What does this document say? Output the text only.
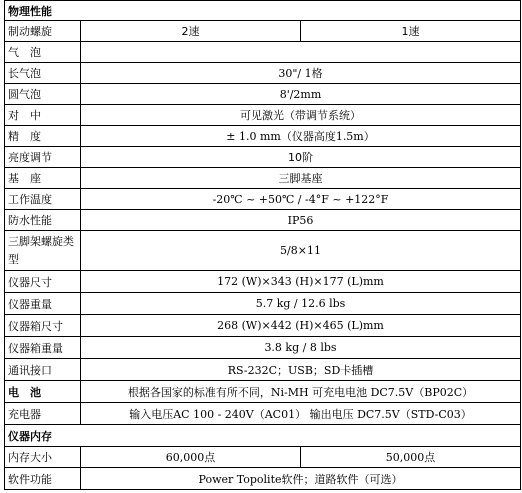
物理性能		
制动螺旋	2速	1速
气　泡		
长气泡	30"/ 1格	
圆气泡	8'/2mm	
对　中	可见激光（带调节系统）	
精　度	± 1.0 mm（仪器高度1.5m）	
亮度调节	10阶	
基　座	三脚基座	
工作温度	-20℃ ~ +50℃ / -4°F ~ +122°F	
防水性能	IP56	
三脚架螺旋类型	5/8×11	
仪器尺寸	172 (W)×343 (H)×177 (L)mm	
仪器重量	5.7 kg / 12.6 lbs	
仪器箱尺寸	268 (W)×442 (H)×465 (L)mm	
仪器箱重量	3.8 kg / 8 lbs	
通讯接口	RS-232C；USB；SD卡插槽	
电　池	根据各国家的标准有所不同，Ni-MH 可充电电池 DC7.5V（BP02C）	
充电器	输入电压AC 100 - 240V（AC01） 输出电压 DC7.5V（STD-C03）	
仪器内存		
内存大小	60,000点	50,000点
软件功能	Power Topolite软件；道路软件（可选）	
